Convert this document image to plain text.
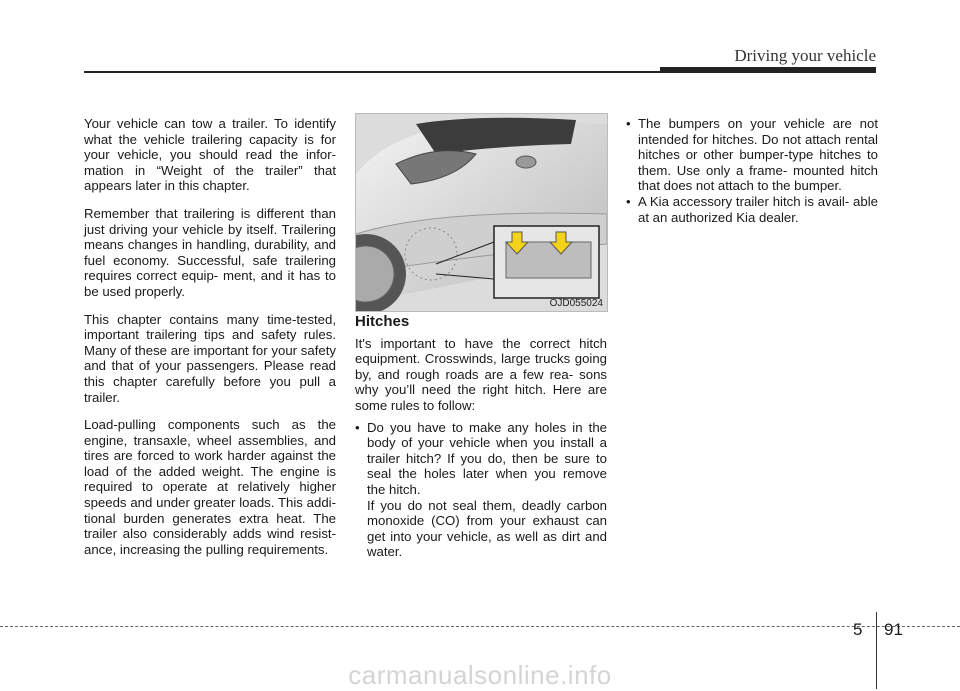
Driving your vehicle

Your vehicle can tow a trailer. To identify what the vehicle trailering capacity is for your vehicle, you should read the infor- mation in “Weight of the trailer” that appears later in this chapter.

Remember that trailering is different than just driving your vehicle by itself. Trailering means changes in handling, durability, and fuel economy. Successful, safe trailering requires correct equip- ment, and it has to be used properly.

This chapter contains many time-tested, important trailering tips and safety rules. Many of these are important for your safety and that of your passengers. Please read this chapter carefully before you pull a trailer.

Load-pulling components such as the engine, transaxle, wheel assemblies, and tires are forced to work harder against the load of the added weight. The engine is required to operate at relatively higher speeds and under greater loads. This addi- tional burden generates extra heat. The trailer also considerably adds wind resist- ance, increasing the pulling requirements.

OJD055024
Hitches

It's important to have the correct hitch equipment. Crosswinds, large trucks going by, and rough roads are a few rea- sons why you’ll need the right hitch. Here are some rules to follow:

• Do you have to make any holes in the body of your vehicle when you install a trailer hitch? If you do, then be sure to seal the holes later when you remove the hitch.

If you do not seal them, deadly carbon monoxide (CO) from your exhaust can get into your vehicle, as well as dirt and water.

• The bumpers on your vehicle are not intended for hitches. Do not attach rental hitches or other bumper-type hitches to them. Use only a frame- mounted hitch that does not attach to the bumper.
• A Kia accessory trailer hitch is avail- able at an authorized Kia dealer.
5 91
carmanualsonline.info
